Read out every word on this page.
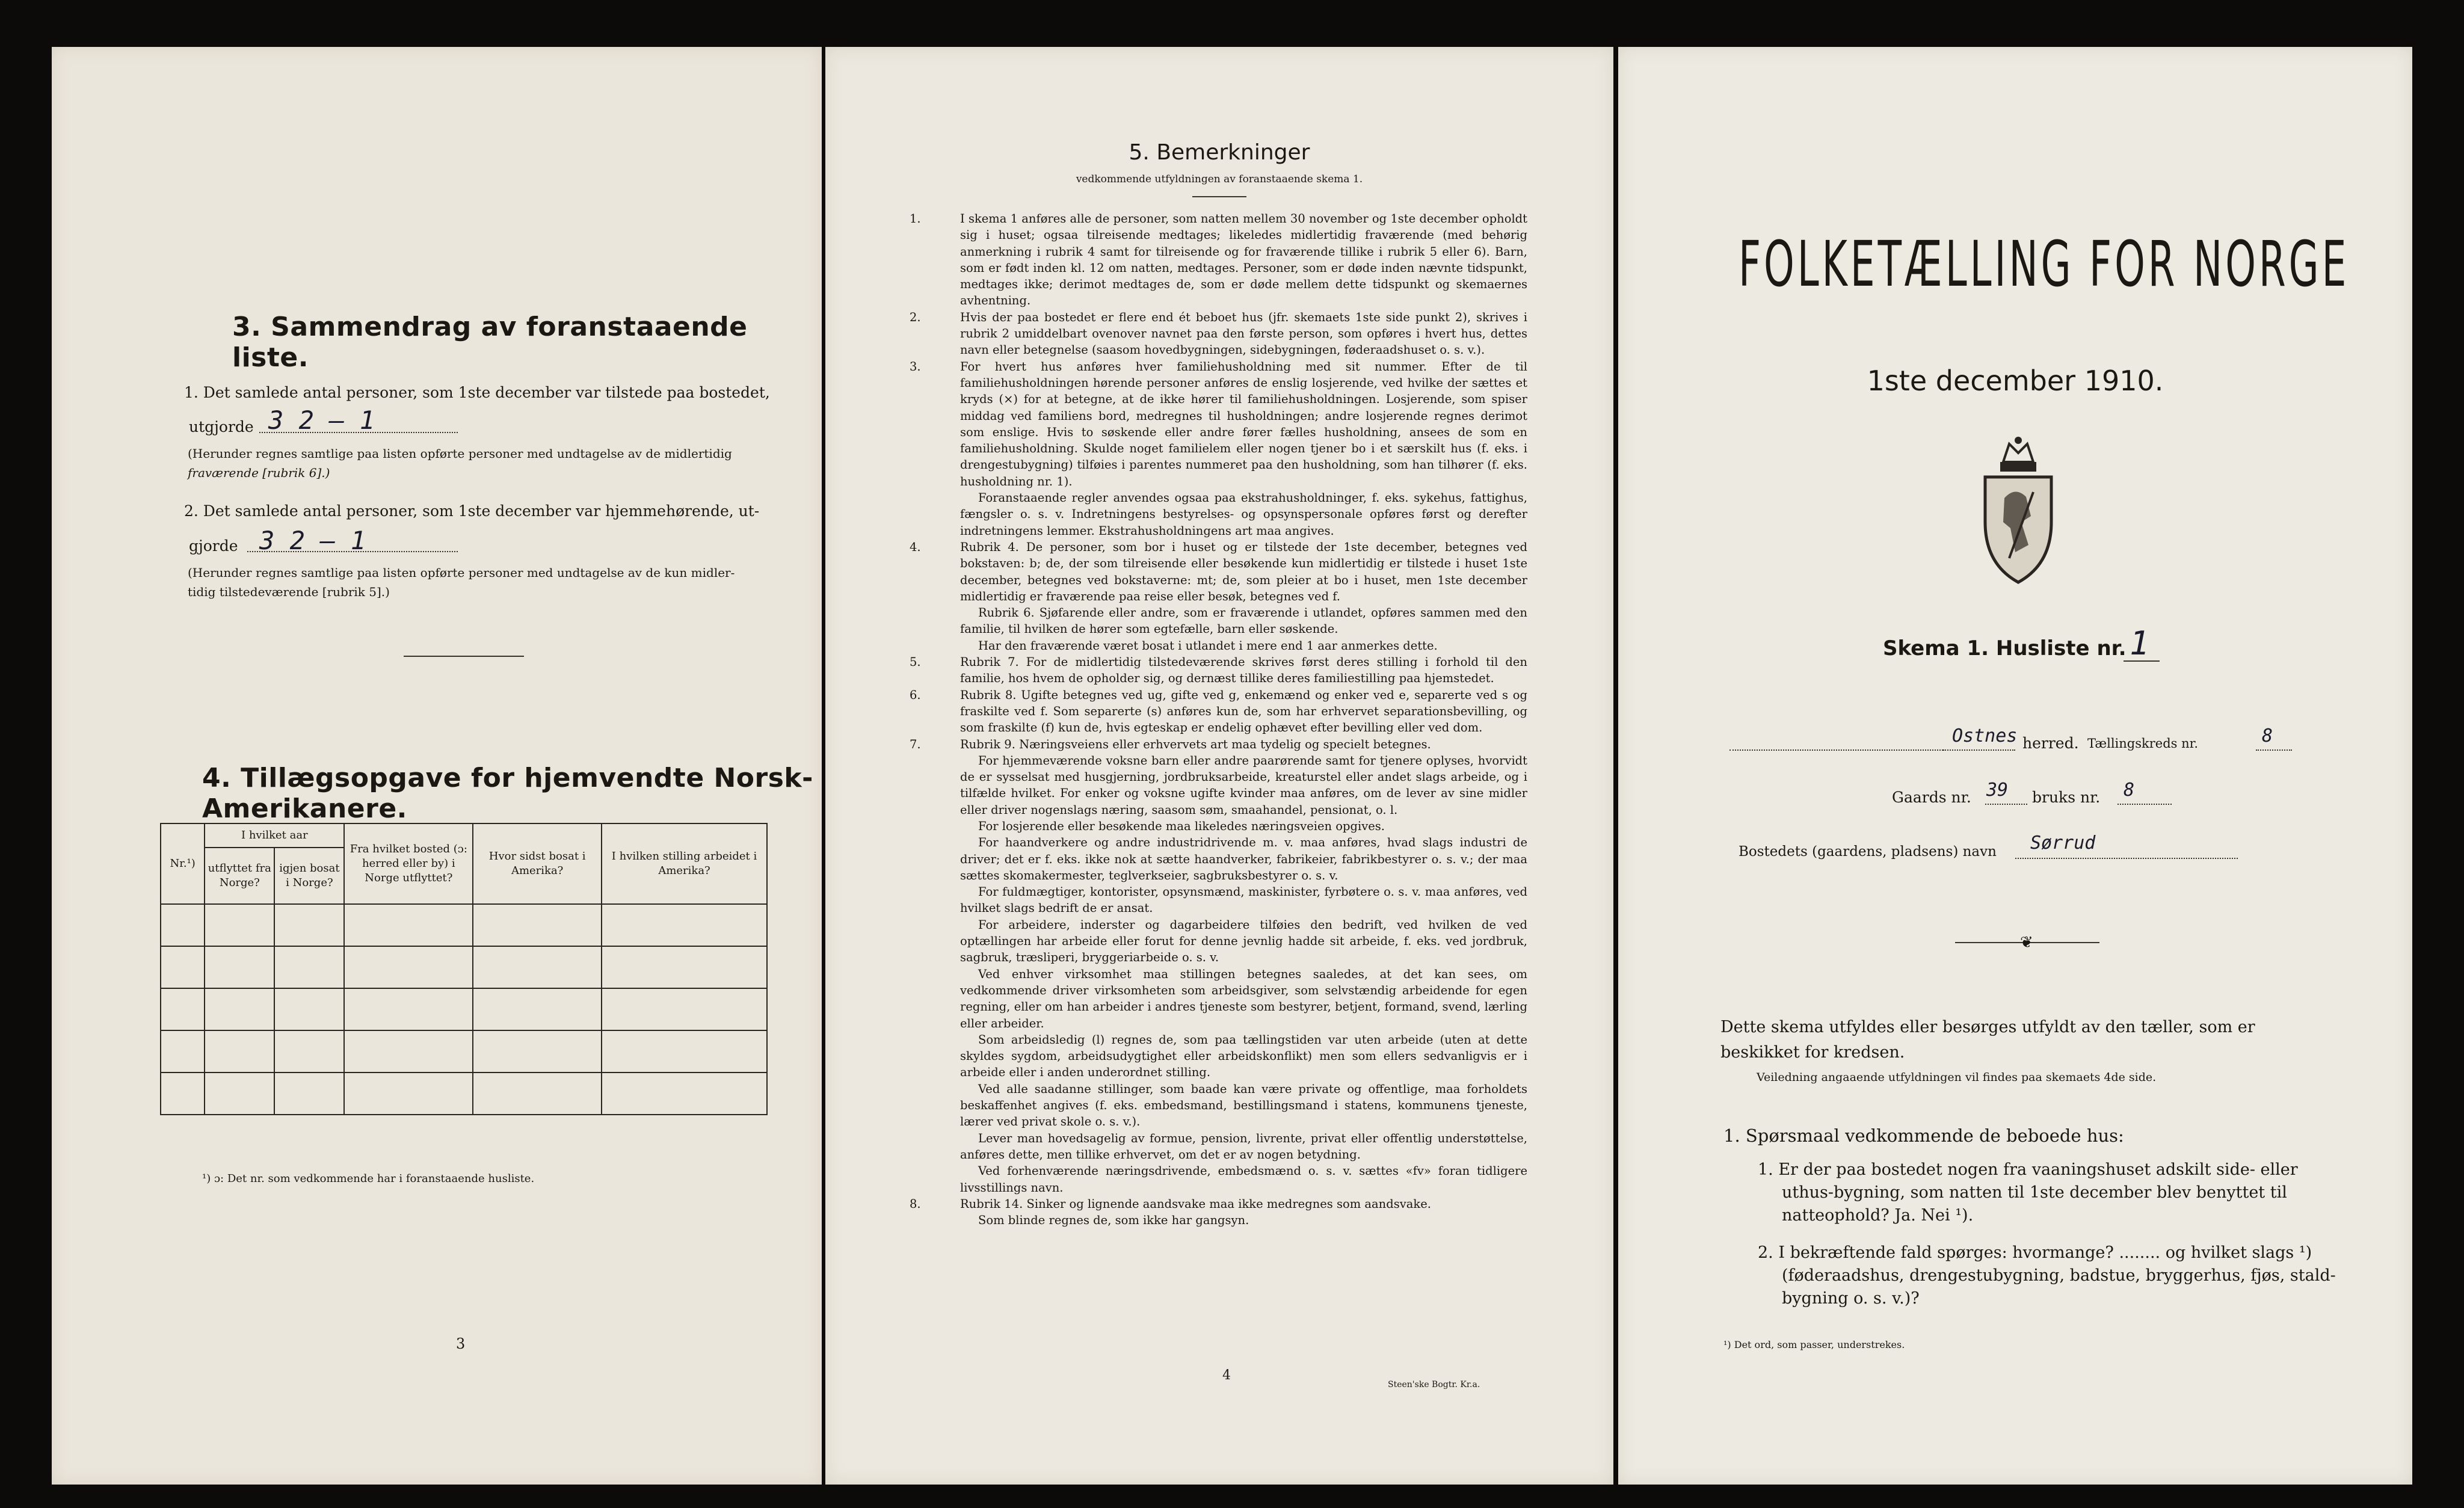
3. Sammendrag av foranstaaende liste.
1. Det samlede antal personer, som 1ste december var tilstede paa bostedet,
utgjorde 3 2 – 1
(Herunder regnes samtlige paa listen opførte personer med undtagelse av de midlertidig
fraværende [rubrik 6].)
2. Det samlede antal personer, som 1ste december var hjemmehørende, ut-
gjorde 3 2 – 1
(Herunder regnes samtlige paa listen opførte personer med undtagelse av de kun midler-
tidig tilstedeværende [rubrik 5].)
4. Tillægsopgave for hjemvendte Norsk-Amerikanere.
Nr.¹)	I hvilket aar		Fra hvilket bosted (ɔ: herred eller by) i Norge utflyttet?	Hvor sidst bosat i Amerika?	I hvilken stilling arbeidet i Amerika?
	utflyttet fra Norge?	igjen bosat i Norge?			

¹) ɔ: Det nr. som vedkommende har i foranstaaende husliste.
3
5. Bemerkninger
vedkommende utfyldningen av foranstaaende skema 1.

1.	I skema 1 anføres alle de personer, som natten mellem 30 november og 1ste december opholdt sig i huset; ogsaa tilreisende medtages; likeledes midlertidig fraværende (med behørig anmerkning i rubrik 4 samt for tilreisende og for fraværende tillike i rubrik 5 eller 6). Barn, som er født inden kl. 12 om natten, medtages. Personer, som er døde inden nævnte tidspunkt, medtages ikke; derimot medtages de, som er døde mellem dette tidspunkt og skemaernes avhentning.

2.	Hvis der paa bostedet er flere end ét beboet hus (jfr. skemaets 1ste side punkt 2), skrives i rubrik 2 umiddelbart ovenover navnet paa den første person, som opføres i hvert hus, dettes navn eller betegnelse (saasom hovedbygningen, sidebygningen, føderaadshuset o. s. v.).

3.	For hvert hus anføres hver familiehusholdning med sit nummer. Efter de til familiehusholdningen hørende personer anføres de enslig losjerende, ved hvilke der sættes et kryds (×) for at betegne, at de ikke hører til familiehusholdningen. Losjerende, som spiser middag ved familiens bord, medregnes til husholdningen; andre losjerende regnes derimot som enslige. Hvis to søskende eller andre fører fælles husholdning, ansees de som en familiehusholdning. Skulde noget familielem eller nogen tjener bo i et særskilt hus (f. eks. i drengestubygning) tilføies i parentes nummeret paa den husholdning, som han tilhører (f. eks. husholdning nr. 1).

Foranstaaende regler anvendes ogsaa paa ekstrahusholdninger, f. eks. sykehus, fattighus, fængsler o. s. v. Indretningens bestyrelses- og opsynspersonale opføres først og derefter indretningens lemmer. Ekstrahusholdningens art maa angives.

4.	Rubrik 4. De personer, som bor i huset og er tilstede der 1ste december, betegnes ved bokstaven: b; de, der som tilreisende eller besøkende kun midlertidig er tilstede i huset 1ste december, betegnes ved bokstaverne: mt; de, som pleier at bo i huset, men 1ste december midlertidig er fraværende paa reise eller besøk, betegnes ved f.

Rubrik 6. Sjøfarende eller andre, som er fraværende i utlandet, opføres sammen med den familie, til hvilken de hører som egtefælle, barn eller søskende.

Har den fraværende været bosat i utlandet i mere end 1 aar anmerkes dette.

5.	Rubrik 7. For de midlertidig tilstedeværende skrives først deres stilling i forhold til den familie, hos hvem de opholder sig, og dernæst tillike deres familiestilling paa hjemstedet.

6.	Rubrik 8. Ugifte betegnes ved ug, gifte ved g, enkemænd og enker ved e, separerte ved s og fraskilte ved f. Som separerte (s) anføres kun de, som har erhvervet separationsbevilling, og som fraskilte (f) kun de, hvis egteskap er endelig ophævet efter bevilling eller ved dom.

7.	Rubrik 9. Næringsveiens eller erhvervets art maa tydelig og specielt betegnes.

For hjemmeværende voksne barn eller andre paarørende samt for tjenere oplyses, hvorvidt de er sysselsat med husgjerning, jordbruksarbeide, kreaturstel eller andet slags arbeide, og i tilfælde hvilket. For enker og voksne ugifte kvinder maa anføres, om de lever av sine midler eller driver nogenslags næring, saasom søm, smaahandel, pensionat, o. l.

For losjerende eller besøkende maa likeledes næringsveien opgives.

For haandverkere og andre industridrivende m. v. maa anføres, hvad slags industri de driver; det er f. eks. ikke nok at sætte haandverker, fabrikeier, fabrikbestyrer o. s. v.; der maa sættes skomakermester, teglverkseier, sagbruksbestyrer o. s. v.

For fuldmægtiger, kontorister, opsynsmænd, maskinister, fyrbøtere o. s. v. maa anføres, ved hvilket slags bedrift de er ansat.

For arbeidere, inderster og dagarbeidere tilføies den bedrift, ved hvilken de ved optællingen har arbeide eller forut for denne jevnlig hadde sit arbeide, f. eks. ved jordbruk, sagbruk, træsliperi, bryggeriarbeide o. s. v.

Ved enhver virksomhet maa stillingen betegnes saaledes, at det kan sees, om vedkommende driver virksomheten som arbeidsgiver, som selvstændig arbeidende for egen regning, eller om han arbeider i andres tjeneste som bestyrer, betjent, formand, svend, lærling eller arbeider.

Som arbeidsledig (l) regnes de, som paa tællingstiden var uten arbeide (uten at dette skyldes sygdom, arbeidsudygtighet eller arbeidskonflikt) men som ellers sedvanligvis er i arbeide eller i anden underordnet stilling.

Ved alle saadanne stillinger, som baade kan være private og offentlige, maa forholdets beskaffenhet angives (f. eks. embedsmand, bestillingsmand i statens, kommunens tjeneste, lærer ved privat skole o. s. v.).

Lever man hovedsagelig av formue, pension, livrente, privat eller offentlig understøttelse, anføres dette, men tillike erhvervet, om det er av nogen betydning.

Ved forhenværende næringsdrivende, embedsmænd o. s. v. sættes «fv» foran tidligere livsstillings navn.

8.	Rubrik 14. Sinker og lignende aandsvake maa ikke medregnes som aandsvake.

Som blinde regnes de, som ikke har gangsyn.

4
Steen'ske Bogtr. Kr.a.
FOLKETÆLLING FOR NORGE
1ste december 1910.
Skema 1. Husliste nr. 1
Ostnes herred. Tællingskreds nr.	8
Gaards nr. 39 bruks nr. 8
Bostedets (gaardens, pladsens) navn Sørrud
❦
Dette skema utfyldes eller besørges utfyldt av den tæller, som er
beskikket for kredsen.
Veiledning angaaende utfyldningen vil findes paa skemaets 4de side.
1. Spørsmaal vedkommende de beboede hus:
1. Er der paa bostedet nogen fra vaaningshuset adskilt side- eller
uthus-bygning, som natten til 1ste december blev benyttet til
natteophold? Ja. Nei ¹).
2. I bekræftende fald spørges: hvormange? ........ og hvilket slags ¹)
(føderaadshus, drengestubygning, badstue, bryggerhus, fjøs, stald-
bygning o. s. v.)?
¹) Det ord, som passer, understrekes.
